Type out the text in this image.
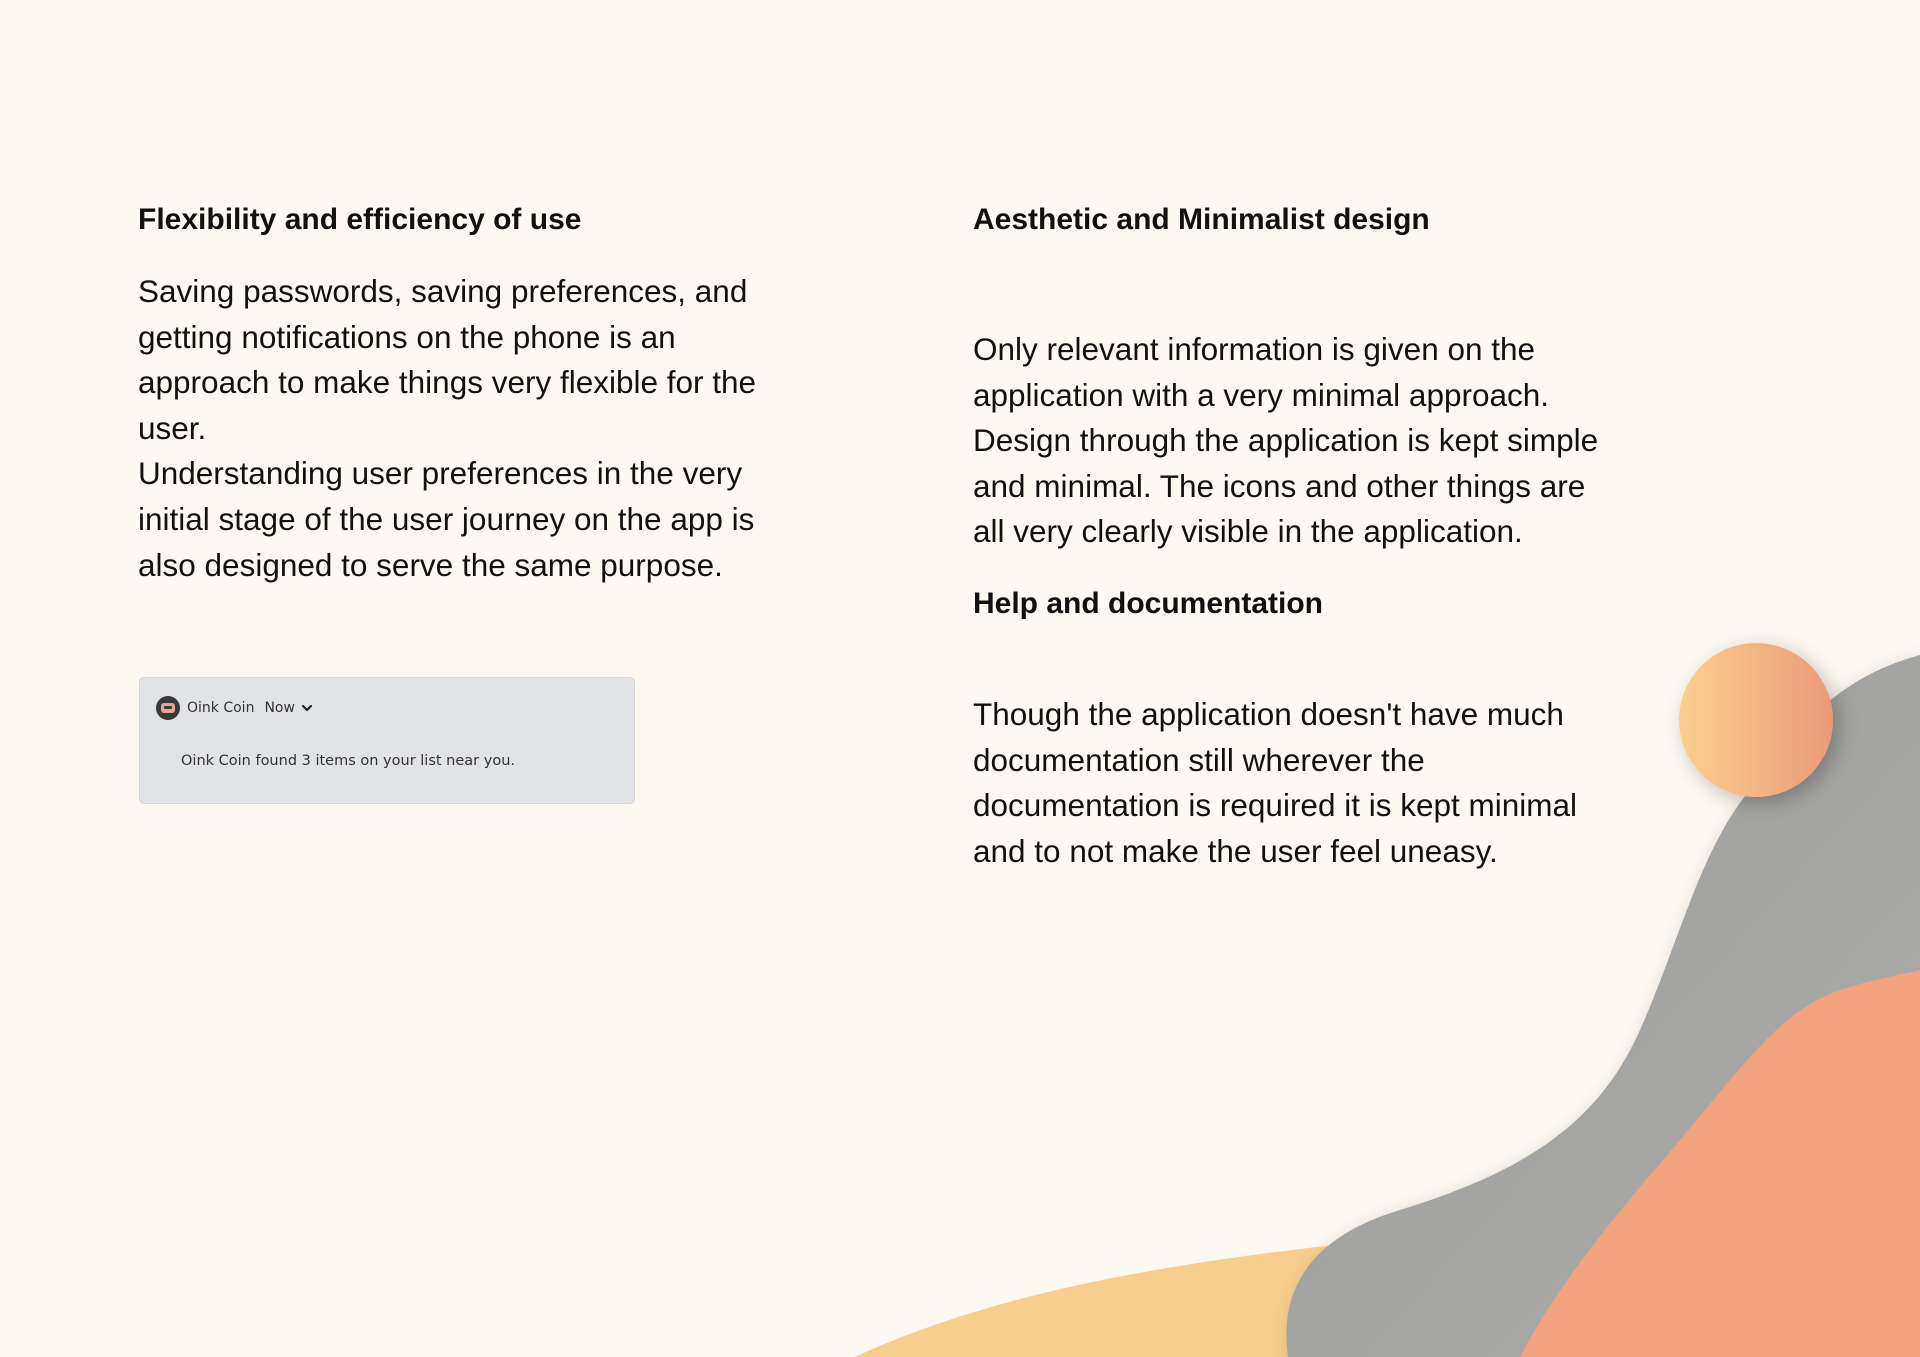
Flexibility and efficiency of use

Saving passwords, saving preferences, and getting notifications on the phone is an approach to make things very flexible for the user.
Understanding user preferences in the very initial stage of the user journey on the app is also designed to serve the same purpose.

Oink Coin Now
Oink Coin found 3 items on your list near you.
Aesthetic and Minimalist design

Only relevant information is given on the application with a very minimal approach. Design through the application is kept simple and minimal. The icons and other things are all very clearly visible in the application.

Help and documentation

Though the application doesn't have much documentation still wherever the documentation is required it is kept minimal and to not make the user feel uneasy.
